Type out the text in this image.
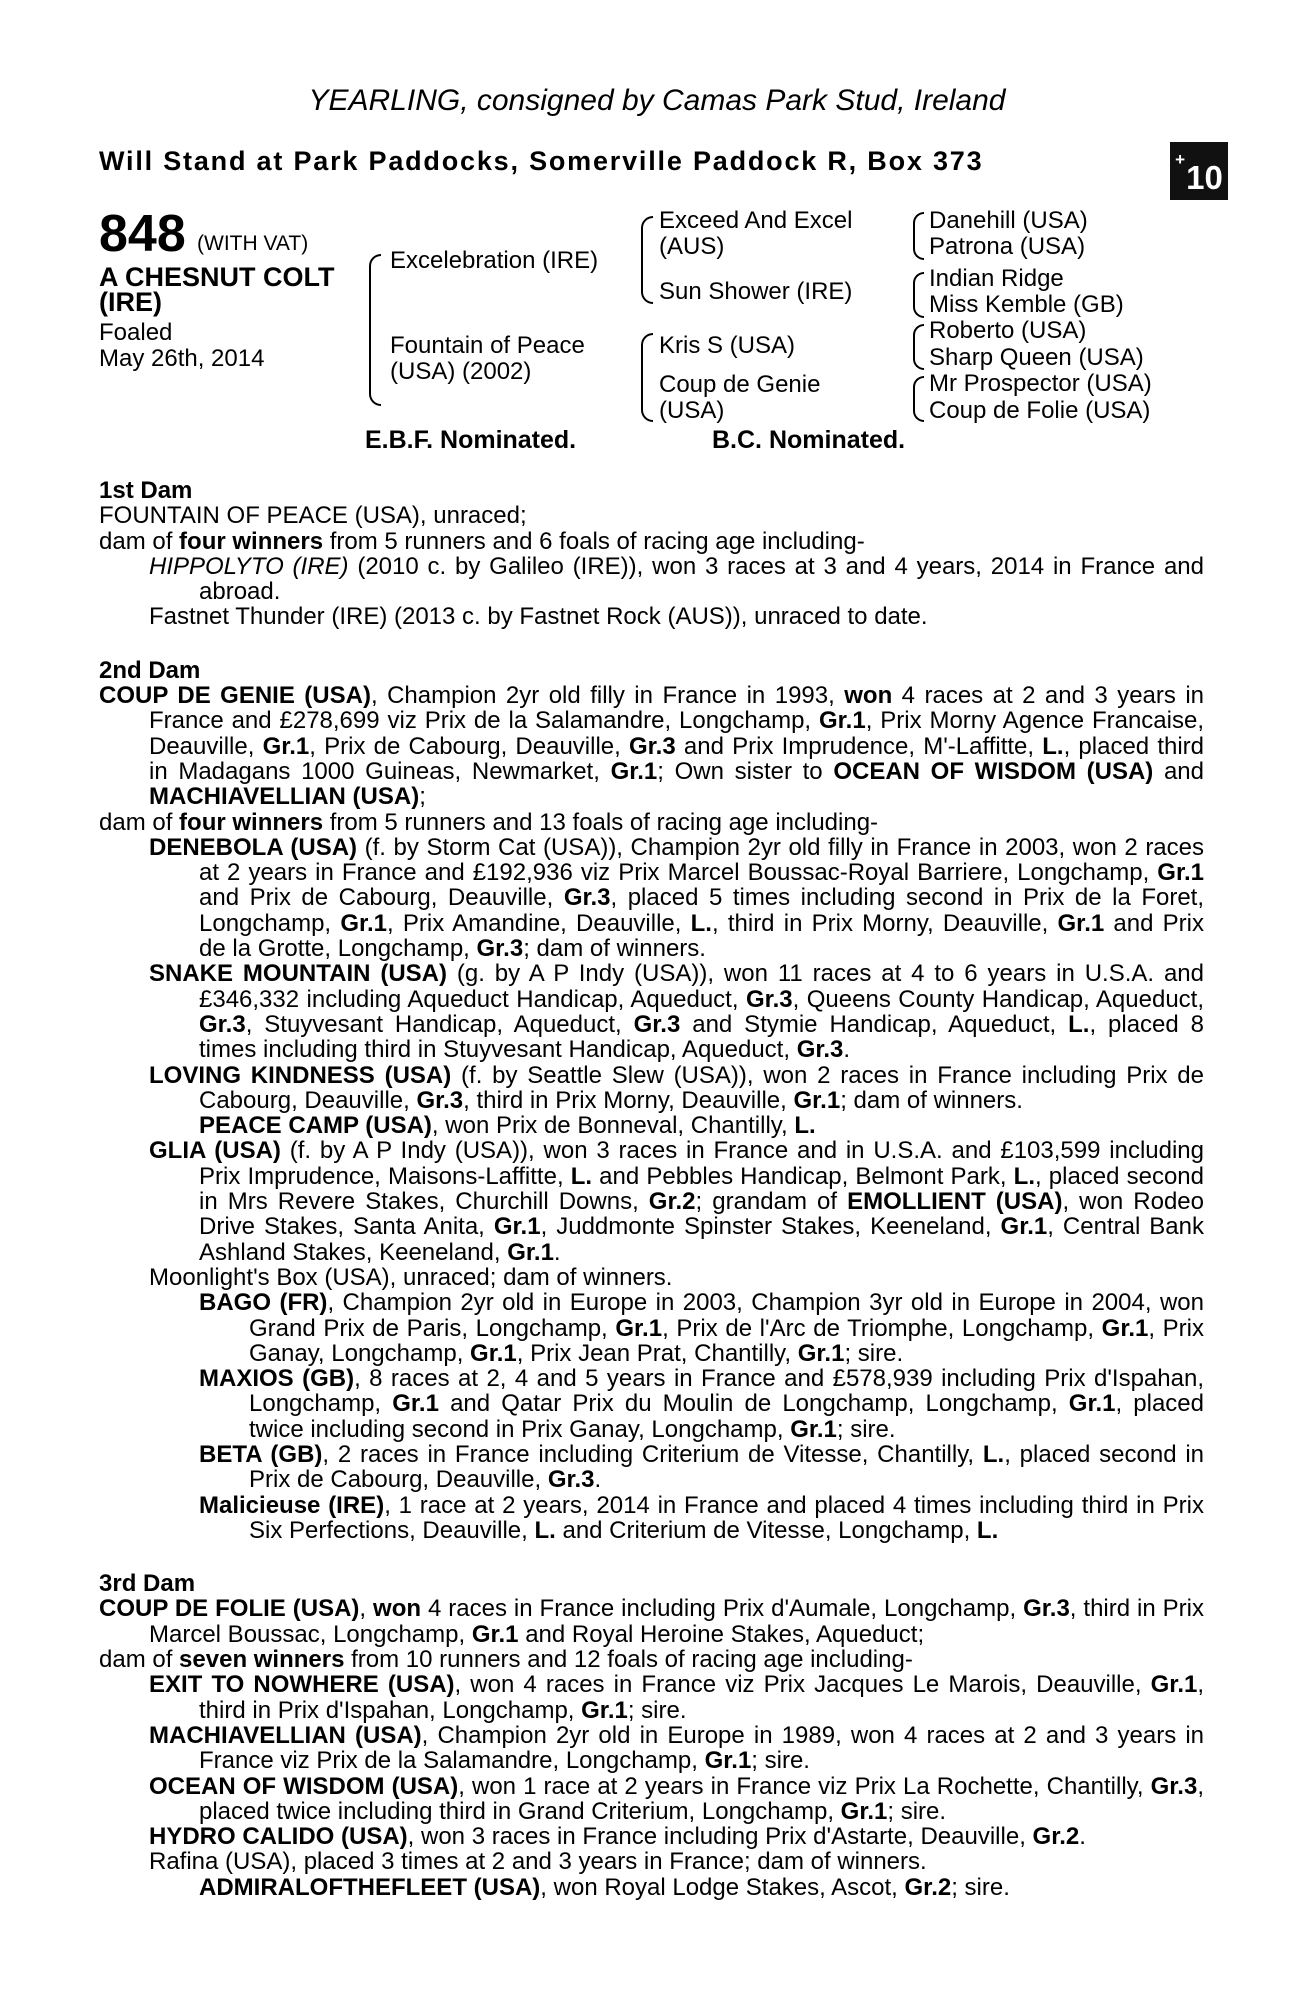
YEARLING, consigned by Camas Park Stud, Ireland
Will Stand at Park Paddocks, Somerville Paddock R, Box 373	+10
848 (WITH VAT)
A CHESNUT COLT (IRE)
Foaled
May 26th, 2014
Excelebration (IRE)
Fountain of Peace (USA) (2002)
Exceed And Excel (AUS)
Sun Shower (IRE)
Kris S (USA)
Coup de Genie (USA)
Danehill (USA)
Patrona (USA)
Indian Ridge
Miss Kemble (GB)
Roberto (USA)
Sharp Queen (USA)
Mr Prospector (USA)
Coup de Folie (USA)
E.B.F. Nominated.	B.C. Nominated.

1st Dam

FOUNTAIN OF PEACE (USA), unraced;

dam of four winners from 5 runners and 6 foals of racing age including-

HIPPOLYTO (IRE) (2010 c. by Galileo (IRE)), won 3 races at 3 and 4 years, 2014 in France and abroad.

Fastnet Thunder (IRE) (2013 c. by Fastnet Rock (AUS)), unraced to date.

2nd Dam

COUP DE GENIE (USA), Champion 2yr old filly in France in 1993, won 4 races at 2 and 3 years in France and £278,699 viz Prix de la Salamandre, Longchamp, Gr.1, Prix Morny Agence Francaise, Deauville, Gr.1, Prix de Cabourg, Deauville, Gr.3 and Prix Imprudence, M'-Laffitte, L., placed third in Madagans 1000 Guineas, Newmarket, Gr.1; Own sister to OCEAN OF WISDOM (USA) and MACHIAVELLIAN (USA);

dam of four winners from 5 runners and 13 foals of racing age including-

DENEBOLA (USA) (f. by Storm Cat (USA)), Champion 2yr old filly in France in 2003, won 2 races at 2 years in France and £192,936 viz Prix Marcel Boussac-Royal Barriere, Longchamp, Gr.1 and Prix de Cabourg, Deauville, Gr.3, placed 5 times including second in Prix de la Foret, Longchamp, Gr.1, Prix Amandine, Deauville, L., third in Prix Morny, Deauville, Gr.1 and Prix de la Grotte, Longchamp, Gr.3; dam of winners.

SNAKE MOUNTAIN (USA) (g. by A P Indy (USA)), won 11 races at 4 to 6 years in U.S.A. and £346,332 including Aqueduct Handicap, Aqueduct, Gr.3, Queens County Handicap, Aqueduct, Gr.3, Stuyvesant Handicap, Aqueduct, Gr.3 and Stymie Handicap, Aqueduct, L., placed 8 times including third in Stuyvesant Handicap, Aqueduct, Gr.3.

LOVING KINDNESS (USA) (f. by Seattle Slew (USA)), won 2 races in France including Prix de Cabourg, Deauville, Gr.3, third in Prix Morny, Deauville, Gr.1; dam of winners.

PEACE CAMP (USA), won Prix de Bonneval, Chantilly, L.

GLIA (USA) (f. by A P Indy (USA)), won 3 races in France and in U.S.A. and £103,599 including Prix Imprudence, Maisons-Laffitte, L. and Pebbles Handicap, Belmont Park, L., placed second in Mrs Revere Stakes, Churchill Downs, Gr.2; grandam of EMOLLIENT (USA), won Rodeo Drive Stakes, Santa Anita, Gr.1, Juddmonte Spinster Stakes, Keeneland, Gr.1, Central Bank Ashland Stakes, Keeneland, Gr.1.

Moonlight's Box (USA), unraced; dam of winners.

BAGO (FR), Champion 2yr old in Europe in 2003, Champion 3yr old in Europe in 2004, won Grand Prix de Paris, Longchamp, Gr.1, Prix de l'Arc de Triomphe, Longchamp, Gr.1, Prix Ganay, Longchamp, Gr.1, Prix Jean Prat, Chantilly, Gr.1; sire.

MAXIOS (GB), 8 races at 2, 4 and 5 years in France and £578,939 including Prix d'Ispahan, Longchamp, Gr.1 and Qatar Prix du Moulin de Longchamp, Longchamp, Gr.1, placed twice including second in Prix Ganay, Longchamp, Gr.1; sire.

BETA (GB), 2 races in France including Criterium de Vitesse, Chantilly, L., placed second in Prix de Cabourg, Deauville, Gr.3.

Malicieuse (IRE), 1 race at 2 years, 2014 in France and placed 4 times including third in Prix Six Perfections, Deauville, L. and Criterium de Vitesse, Longchamp, L.

3rd Dam

COUP DE FOLIE (USA), won 4 races in France including Prix d'Aumale, Longchamp, Gr.3, third in Prix Marcel Boussac, Longchamp, Gr.1 and Royal Heroine Stakes, Aqueduct;

dam of seven winners from 10 runners and 12 foals of racing age including-

EXIT TO NOWHERE (USA), won 4 races in France viz Prix Jacques Le Marois, Deauville, Gr.1, third in Prix d'Ispahan, Longchamp, Gr.1; sire.

MACHIAVELLIAN (USA), Champion 2yr old in Europe in 1989, won 4 races at 2 and 3 years in France viz Prix de la Salamandre, Longchamp, Gr.1; sire.

OCEAN OF WISDOM (USA), won 1 race at 2 years in France viz Prix La Rochette, Chantilly, Gr.3, placed twice including third in Grand Criterium, Longchamp, Gr.1; sire.

HYDRO CALIDO (USA), won 3 races in France including Prix d'Astarte, Deauville, Gr.2.

Rafina (USA), placed 3 times at 2 and 3 years in France; dam of winners.

ADMIRALOFTHEFLEET (USA), won Royal Lodge Stakes, Ascot, Gr.2; sire.
